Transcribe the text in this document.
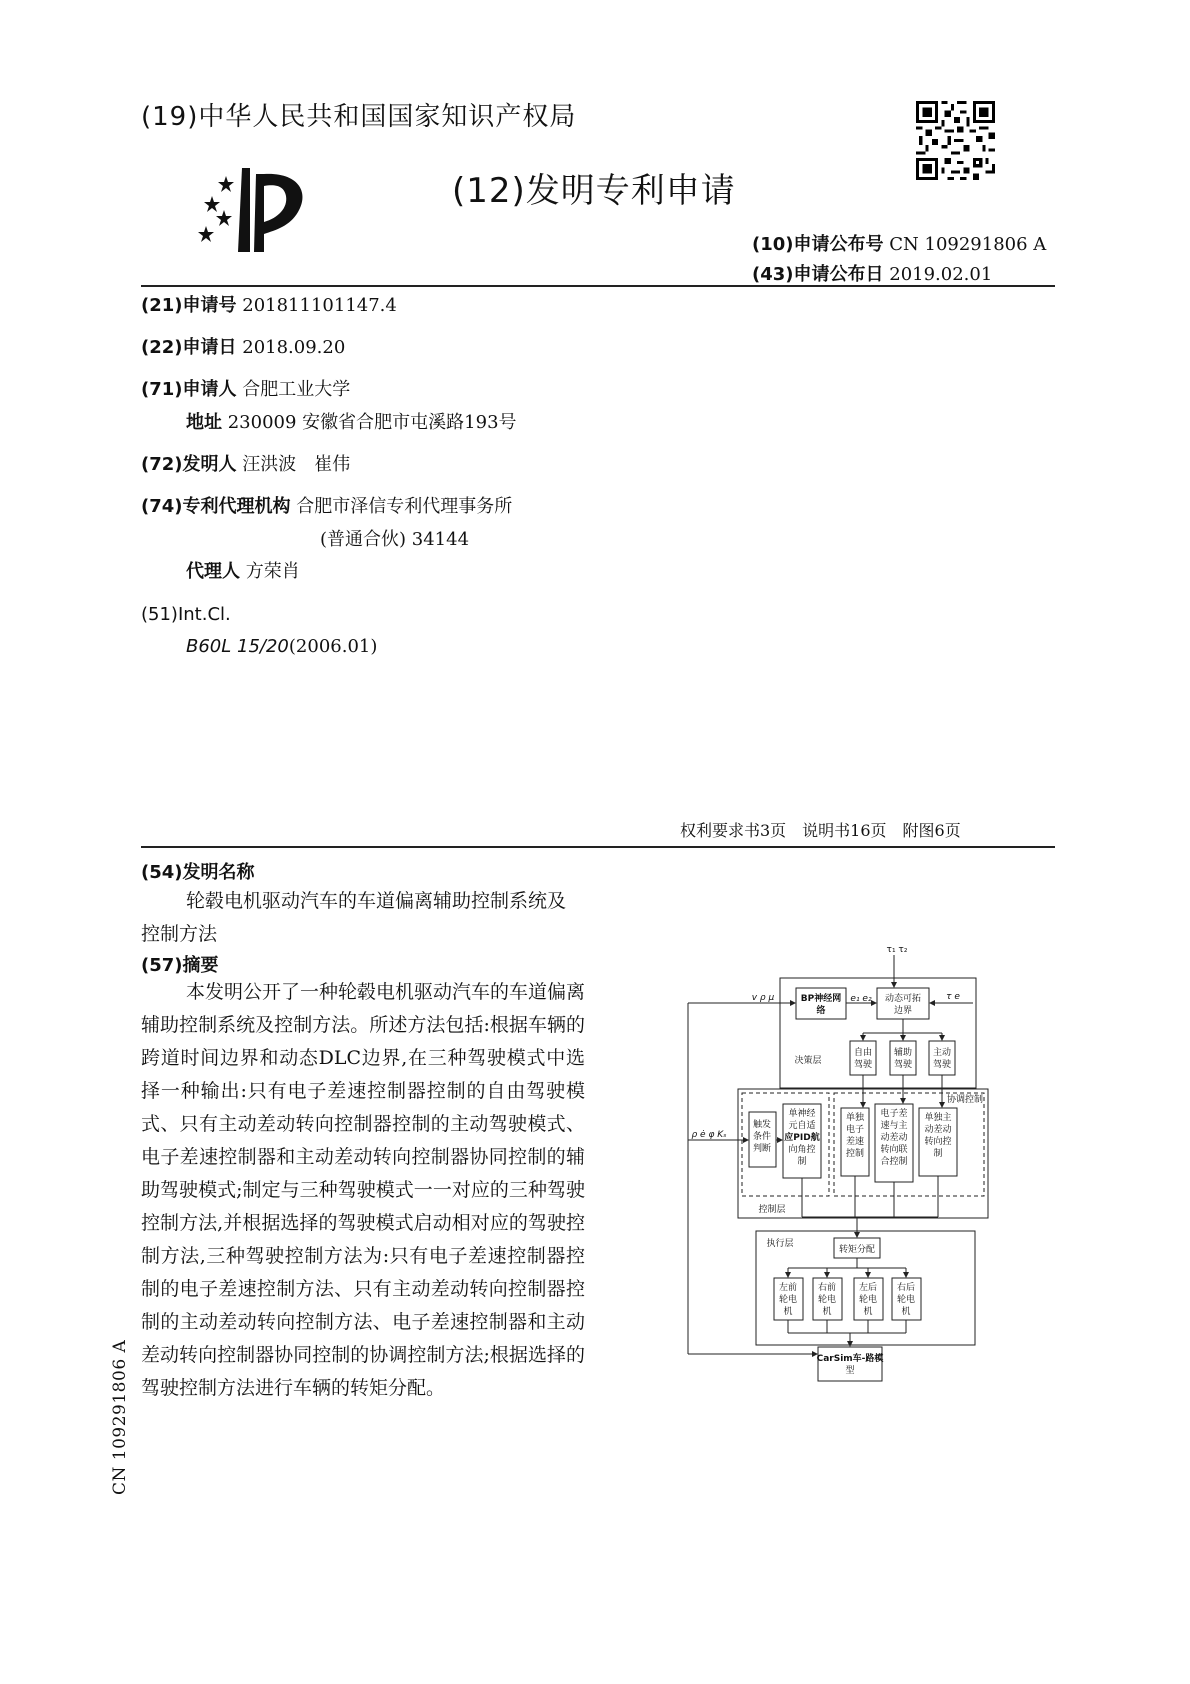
(19)中华人民共和国国家知识产权局
(12)发明专利申请
(10)申请公布号 CN 109291806 A
(43)申请公布日 2019.02.01
(21)申请号 201811101147.4
(22)申请日 2018.09.20
(71)申请人 合肥工业大学
地址 230009 安徽省合肥市屯溪路193号
(72)发明人 汪洪波　崔伟
(74)专利代理机构 合肥市泽信专利代理事务所
(普通合伙) 34144
代理人 方荣肖
(51)Int.Cl.
B60L 15/20(2006.01)
权利要求书3页　说明书16页　附图6页
(54)发明名称
轮毂电机驱动汽车的车道偏离辅助控制系统及控制方法
(57)摘要
本发明公开了一种轮毂电机驱动汽车的车道偏离辅助控制系统及控制方法。所述方法包括:根据车辆的跨道时间边界和动态DLC边界,在三种驾驶模式中选择一种输出:只有电子差速控制器控制的自由驾驶模式、只有主动差动转向控制器控制的主动驾驶模式、电子差速控制器和主动差动转向控制器协同控制的辅助驾驶模式;制定与三种驾驶模式一一对应的三种驾驶控制方法,并根据选择的驾驶模式启动相对应的驾驶控制方法,三种驾驶控制方法为:只有电子差速控制器控制的电子差速控制方法、只有主动差动转向控制器控制的主动差动转向控制方法、电子差速控制器和主动差动转向控制器协同控制的协调控制方法;根据选择的驾驶控制方法进行车辆的转矩分配。
CN 109291806 A
τ₁ τ₂
v ρ μ	BP神经网
络
e₁ e₂ 动态可拓
边界
τ e
决策层
自由
驾驶
辅助
驾驶
主动
驾驶
协调控制
ρ ė φ Kₛ
触发
条件
判断
单神经
元自适
应PID航
向角控
制
单独
电子
差速
控制
电子差
速与主
动差动
转向联
合控制
单独主
动差动
转向控
制
控制层
执行层
转矩分配
左前
轮电
机
右前
轮电
机
左后
轮电
机
右后
轮电
机
CarSim车-路模
型
